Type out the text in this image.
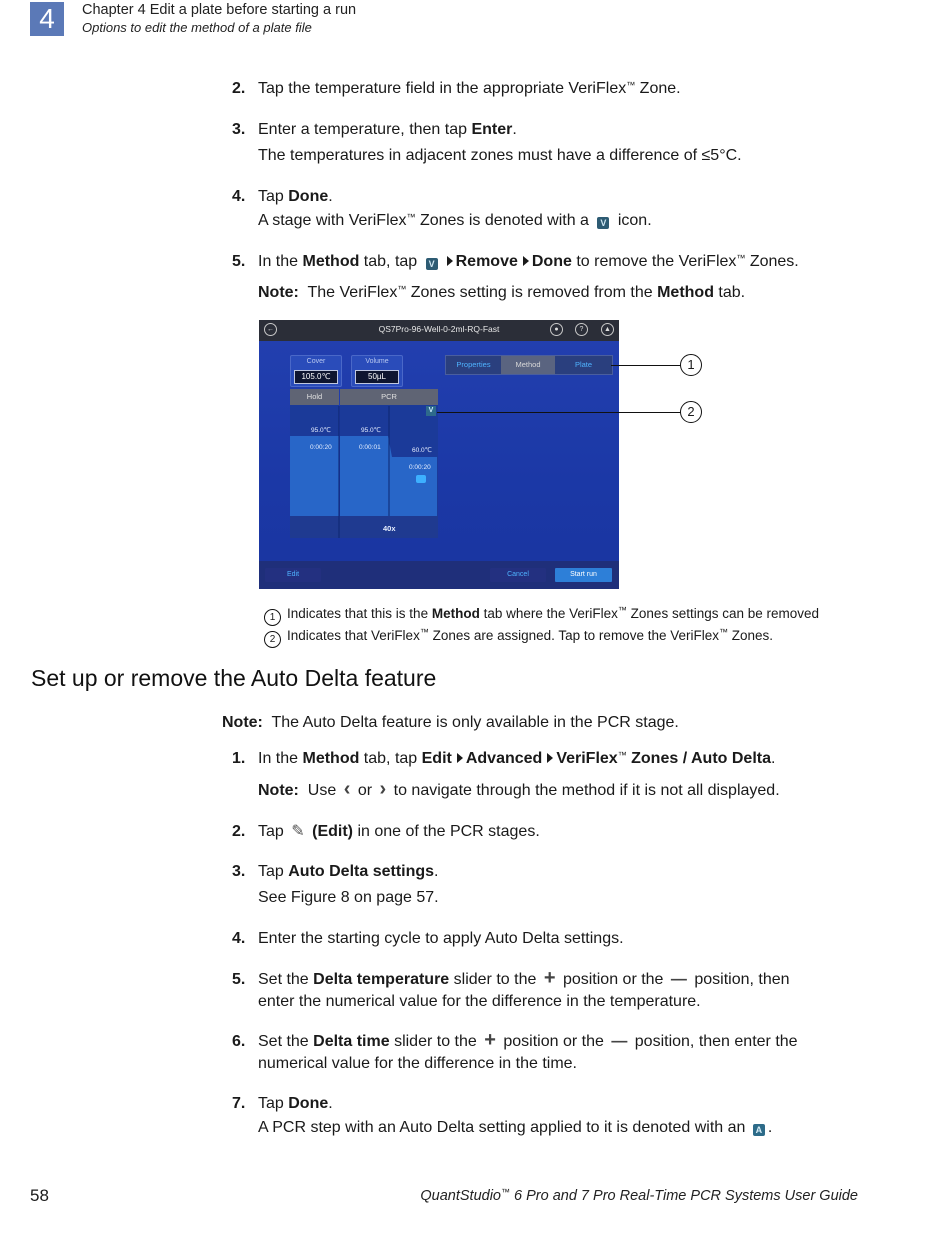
4	Chapter 4 Edit a plate before starting a run
Options to edit the method of a plate file
2. Tap the temperature field in the appropriate VeriFlex™ Zone.
3. Enter a temperature, then tap Enter.
The temperatures in adjacent zones must have a difference of ≤5°C.
4. Tap Done.
A stage with VeriFlex™ Zones is denoted with a V icon.
5. In the Method tab, tap V Remove Done to remove the VeriFlex™ Zones.
Note: The VeriFlex™ Zones setting is removed from the Method tab.
←	QS7Pro-96-Well-0-2ml-RQ-Fast	●	?	▲
Cover
105.0℃
Volume
50µL
Properties	Method	Plate
Hold	PCR
95.0℃
0:00:20
95.0℃
0:00:01	60.0℃
0:00:20
40x
V
Edit	Cancel	Start run
1
2
1 Indicates that this is the Method tab where the VeriFlex™ Zones settings can be removed
2 Indicates that VeriFlex™ Zones are assigned. Tap to remove the VeriFlex™ Zones.
Set up or remove the Auto Delta feature
Note: The Auto Delta feature is only available in the PCR stage.
1. In the Method tab, tap Edit Advanced VeriFlex™ Zones / Auto Delta.
Note: Use ‹ or › to navigate through the method if it is not all displayed.
2. Tap ✎ (Edit) in one of the PCR stages.
3. Tap Auto Delta settings.
See Figure 8 on page 57.
4. Enter the starting cycle to apply Auto Delta settings.
5. Set the Delta temperature slider to the + position or the — position, then
enter the numerical value for the difference in the temperature.
6. Set the Delta time slider to the + position or the — position, then enter the
numerical value for the difference in the time.
7. Tap Done.
A PCR step with an Auto Delta setting applied to it is denoted with an A .
58	QuantStudio™ 6 Pro and 7 Pro Real-Time PCR Systems User Guide
